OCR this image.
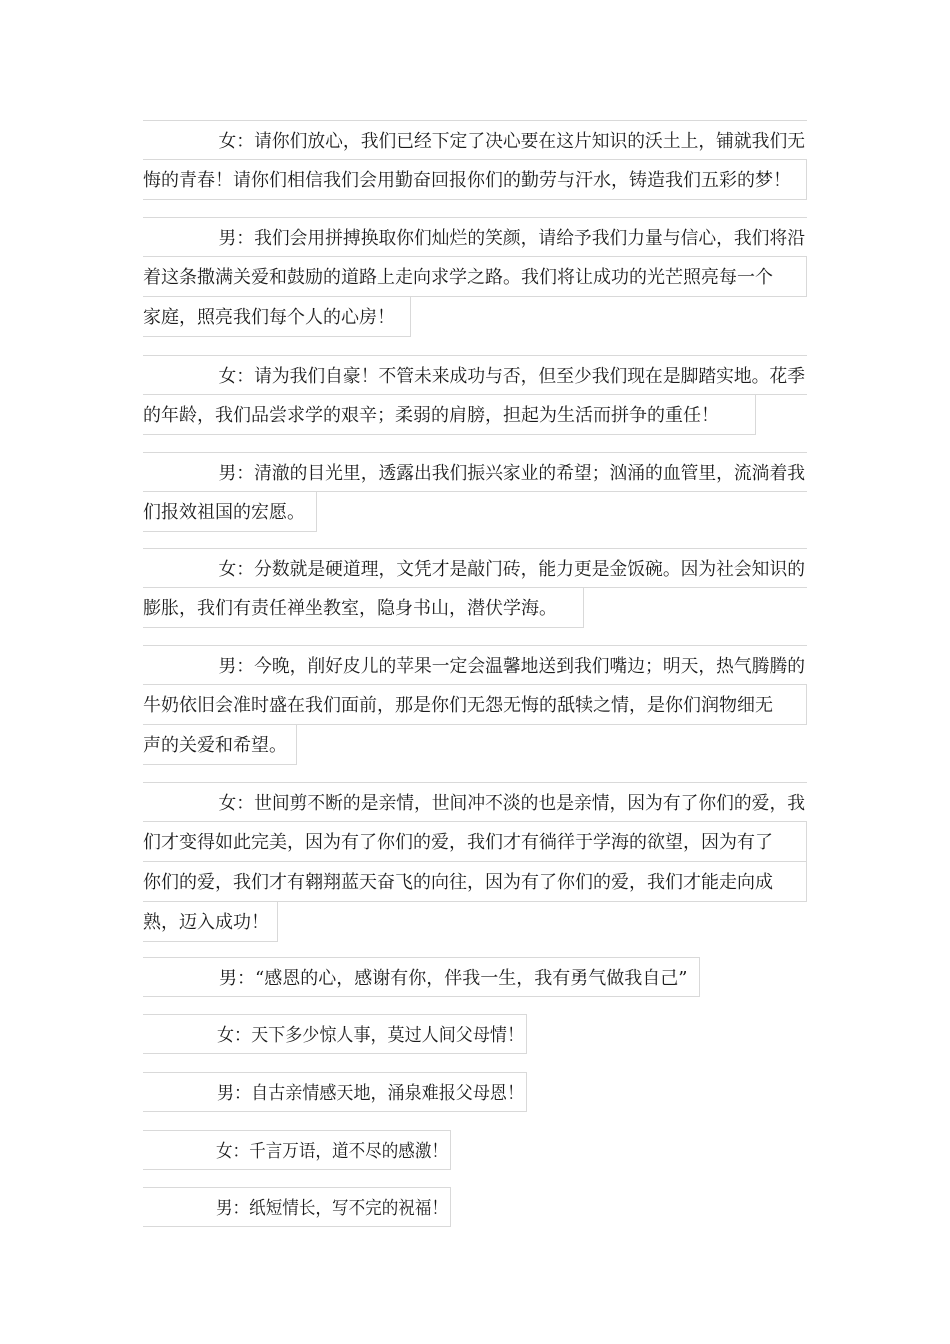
女：请你们放心，我们已经下定了决心要在这片知识的沃土上，铺就我们无
悔的青春！请你们相信我们会用勤奋回报你们的勤劳与汗水，铸造我们五彩的梦！
男：我们会用拼搏换取你们灿烂的笑颜，请给予我们力量与信心，我们将沿
着这条撒满关爱和鼓励的道路上走向求学之路。我们将让成功的光芒照亮每一个
家庭，照亮我们每个人的心房！
女：请为我们自豪！不管未来成功与否，但至少我们现在是脚踏实地。花季
的年龄，我们品尝求学的艰辛；柔弱的肩膀，担起为生活而拼争的重任！
男：清澈的目光里，透露出我们振兴家业的希望；汹涌的血管里，流淌着我
们报效祖国的宏愿。
女：分数就是硬道理，文凭才是敲门砖，能力更是金饭碗。因为社会知识的
膨胀，我们有责任禅坐教室，隐身书山，潜伏学海。
男：今晚，削好皮儿的苹果一定会温馨地送到我们嘴边；明天，热气腾腾的
牛奶依旧会准时盛在我们面前，那是你们无怨无悔的舐犊之情，是你们润物细无
声的关爱和希望。
女：世间剪不断的是亲情，世间冲不淡的也是亲情，因为有了你们的爱，我
们才变得如此完美，因为有了你们的爱，我们才有徜徉于学海的欲望，因为有了
你们的爱，我们才有翱翔蓝天奋飞的向往，因为有了你们的爱，我们才能走向成
熟，迈入成功！
男：“感恩的心，感谢有你，伴我一生，我有勇气做我自己”
女：天下多少惊人事，莫过人间父母情！
男：自古亲情感天地，涌泉难报父母恩！
女：千言万语，道不尽的感激！
男：纸短情长，写不完的祝福！
